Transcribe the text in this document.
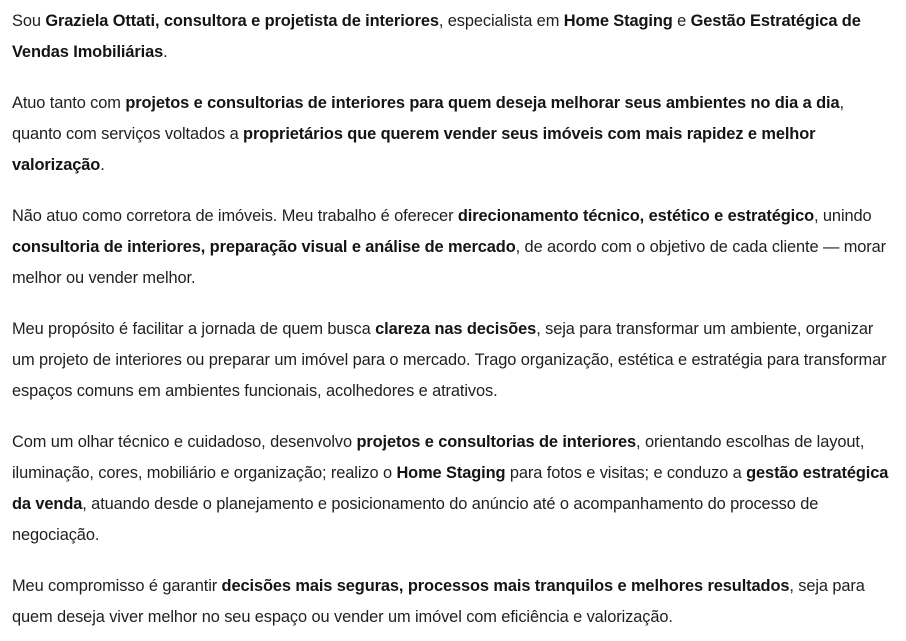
Sou Graziela Ottati, consultora e projetista de interiores, especialista em Home Staging e Gestão Estratégica de Vendas Imobiliárias.

Atuo tanto com projetos e consultorias de interiores para quem deseja melhorar seus ambientes no dia a dia, quanto com serviços voltados a proprietários que querem vender seus imóveis com mais rapidez e melhor valorização.

Não atuo como corretora de imóveis. Meu trabalho é oferecer direcionamento técnico, estético e estratégico, unindo consultoria de interiores, preparação visual e análise de mercado, de acordo com o objetivo de cada cliente — morar melhor ou vender melhor.

Meu propósito é facilitar a jornada de quem busca clareza nas decisões, seja para transformar um ambiente, organizar um projeto de interiores ou preparar um imóvel para o mercado. Trago organização, estética e estratégia para transformar espaços comuns em ambientes funcionais, acolhedores e atrativos.

Com um olhar técnico e cuidadoso, desenvolvo projetos e consultorias de interiores, orientando escolhas de layout, iluminação, cores, mobiliário e organização; realizo o Home Staging para fotos e visitas; e conduzo a gestão estratégica da venda, atuando desde o planejamento e posicionamento do anúncio até o acompanhamento do processo de negociação.

Meu compromisso é garantir decisões mais seguras, processos mais tranquilos e melhores resultados, seja para quem deseja viver melhor no seu espaço ou vender um imóvel com eficiência e valorização.
